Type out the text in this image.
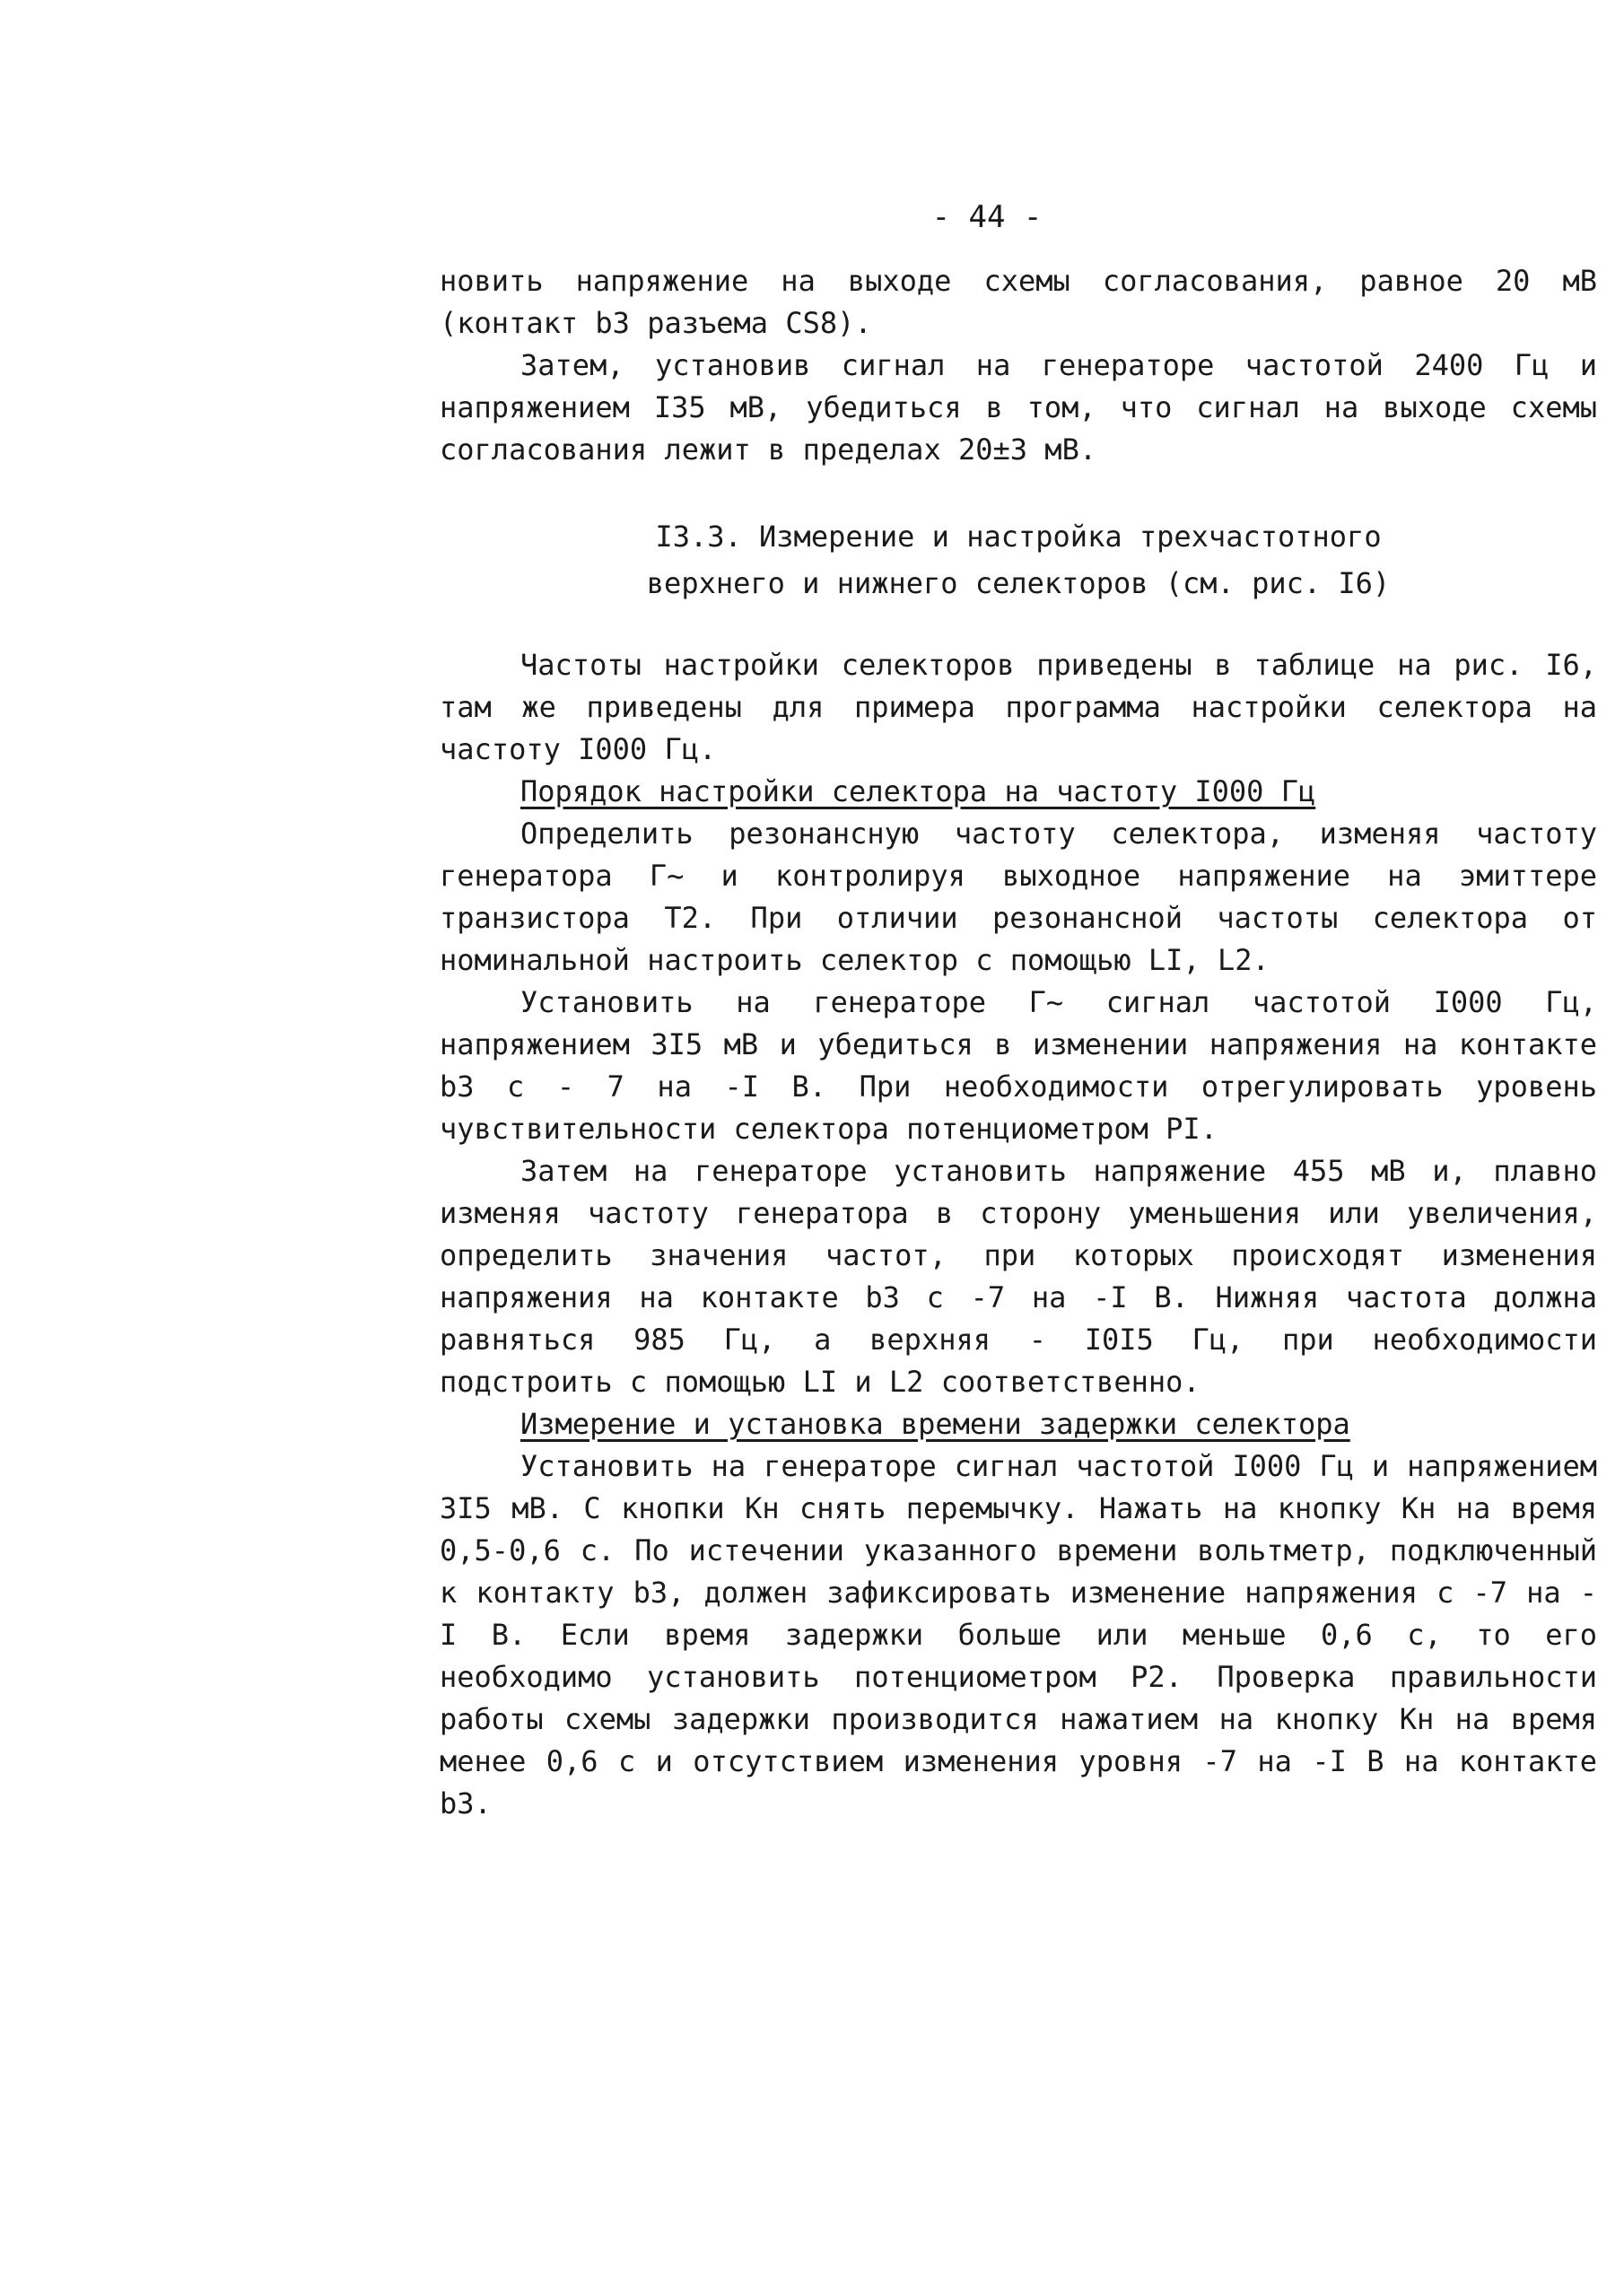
- 44 -

новить напряжение на выходе схемы согласования, равное 20 мВ (контакт b3 разъема CS8).

Затем, установив сигнал на генераторе частотой 2400 Гц и напряжением I35 мВ, убедиться в том, что сигнал на выходе схемы согласования лежит в пределах 20±3 мВ.

I3.3. Измерение и настройка трехчастотного
верхнего и нижнего селекторов (см. рис. I6)

Частоты настройки селекторов приведены в таблице на рис. I6, там же приведены для примера программа настройки селектора на частоту I000 Гц.

Порядок настройки селектора на частоту I000 Гц

Определить резонансную частоту селектора, изменяя частоту генератора Г~ и контролируя выходное напряжение на эмиттере транзистора Т2. При отличии резонансной частоты селектора от номинальной настроить селектор с помощью LI, L2.

Установить на генераторе Г~ сигнал частотой I000 Гц, напряжением 3I5 мВ и убедиться в изменении напряжения на контакте b3 с - 7 на -I В. При необходимости отрегулировать уровень чувствительности селектора потенциометром PI.

Затем на генераторе установить напряжение 455 мВ и, плавно изменяя частоту генератора в сторону уменьшения или увеличения, определить значения частот, при которых происходят изменения напряжения на контакте b3 с -7 на -I В. Нижняя частота должна равняться 985 Гц, а верхняя - I0I5 Гц, при необходимости подстроить с помощью LI и L2 соответственно.

Измерение и установка времени задержки селектора

Установить на генераторе сигнал частотой I000 Гц и напряжением 3I5 мВ. С кнопки Кн снять перемычку. Нажать на кнопку Кн на время 0,5-0,6 с. По истечении указанного времени вольтметр, подключенный к контакту b3, должен зафиксировать изменение напряжения с -7 на -I В. Если время задержки больше или меньше 0,6 с, то его необходимо установить потенциометром P2. Проверка правильности работы схемы задержки производится нажатием на кнопку Кн на время менее 0,6 с и отсутствием изменения уровня -7 на -I В на контакте b3.
